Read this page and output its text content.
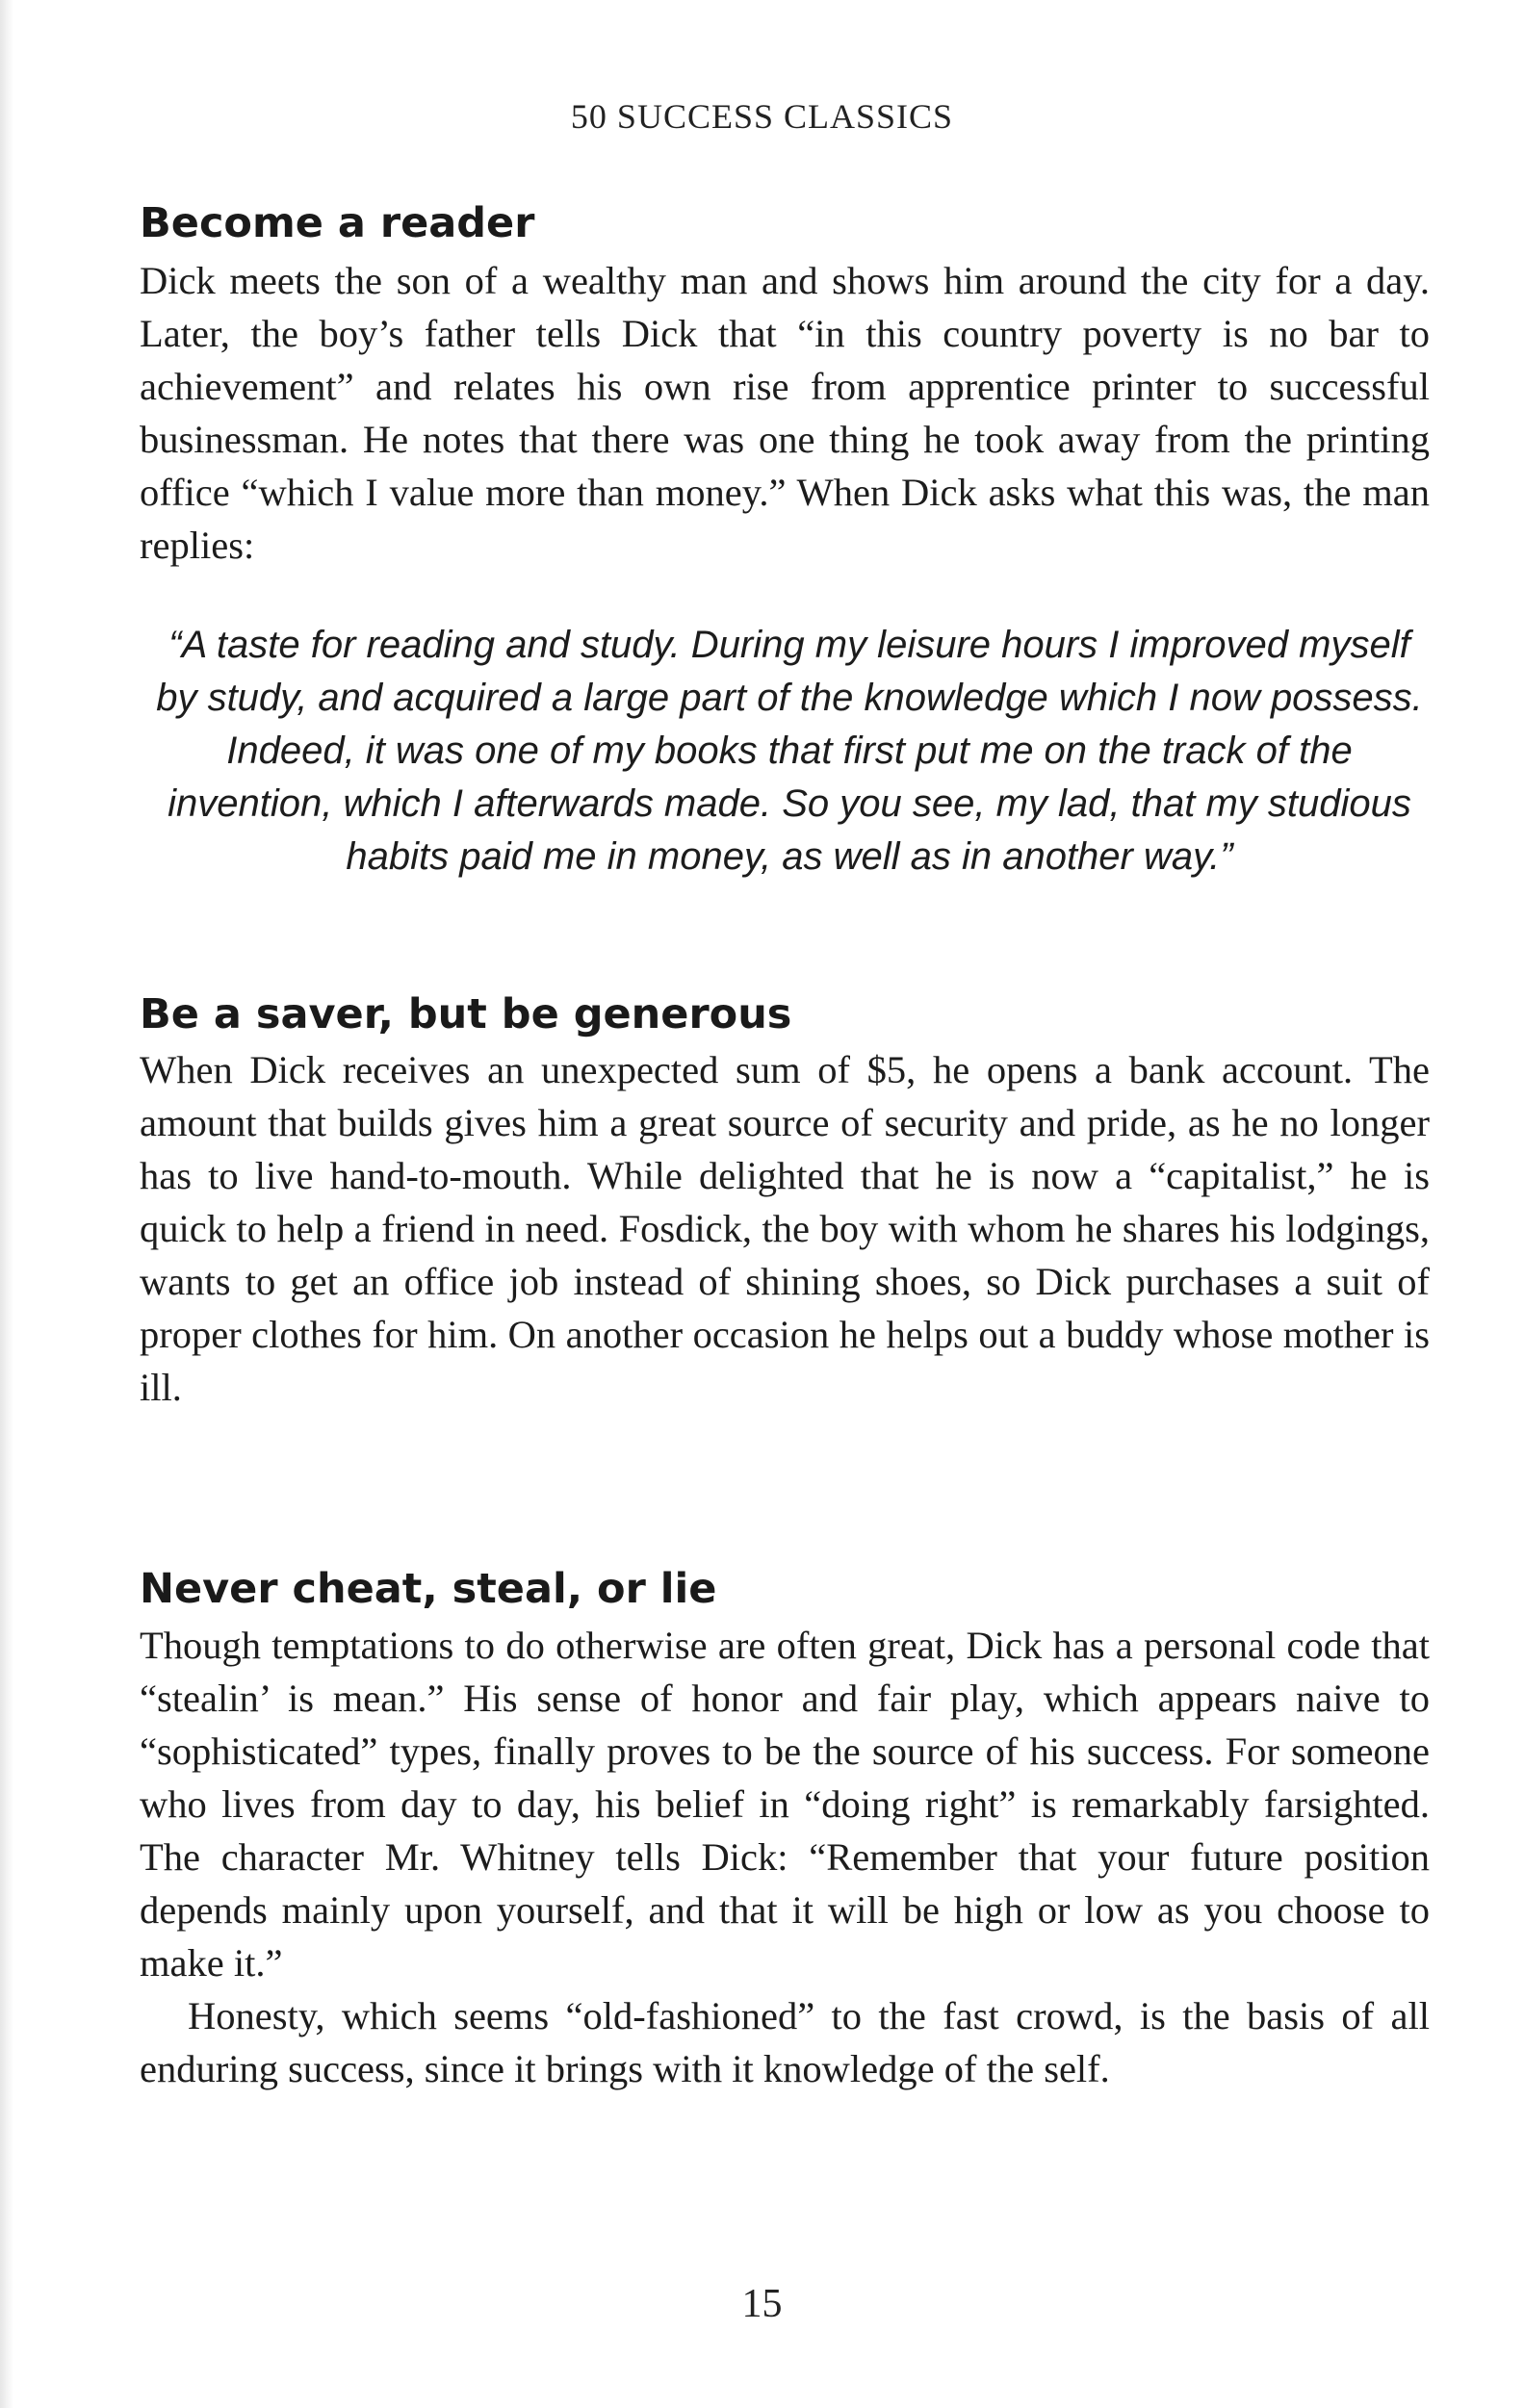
50 SUCCESS CLASSICS

Become a reader

Dick meets the son of a wealthy man and shows him around the city for a day. Later, the boy’s father tells Dick that “in this country poverty is no bar to achievement” and relates his own rise from apprentice printer to successful businessman. He notes that there was one thing he took away from the printing office “which I value more than money.” When Dick asks what this was, the man replies:

“A taste for reading and study. During my leisure hours I improved myself by study, and acquired a large part of the knowledge which I now possess. Indeed, it was one of my books that first put me on the track of the invention, which I afterwards made. So you see, my lad, that my studious habits paid me in money, as well as in another way.”

Be a saver, but be generous

When Dick receives an unexpected sum of $5, he opens a bank account. The amount that builds gives him a great source of security and pride, as he no longer has to live hand-to-mouth. While delighted that he is now a “capitalist,” he is quick to help a friend in need. Fosdick, the boy with whom he shares his lodgings, wants to get an office job instead of shining shoes, so Dick purchases a suit of proper clothes for him. On another occasion he helps out a buddy whose mother is ill.

Never cheat, steal, or lie

Though temptations to do otherwise are often great, Dick has a personal code that “stealin’ is mean.” His sense of honor and fair play, which appears naive to “sophisticated” types, finally proves to be the source of his success. For someone who lives from day to day, his belief in “doing right” is remarkably farsighted. The character Mr. Whitney tells Dick: “Remember that your future position depends mainly upon yourself, and that it will be high or low as you choose to make it.”

Honesty, which seems “old-fashioned” to the fast crowd, is the basis of all enduring success, since it brings with it knowledge of the self.

15
